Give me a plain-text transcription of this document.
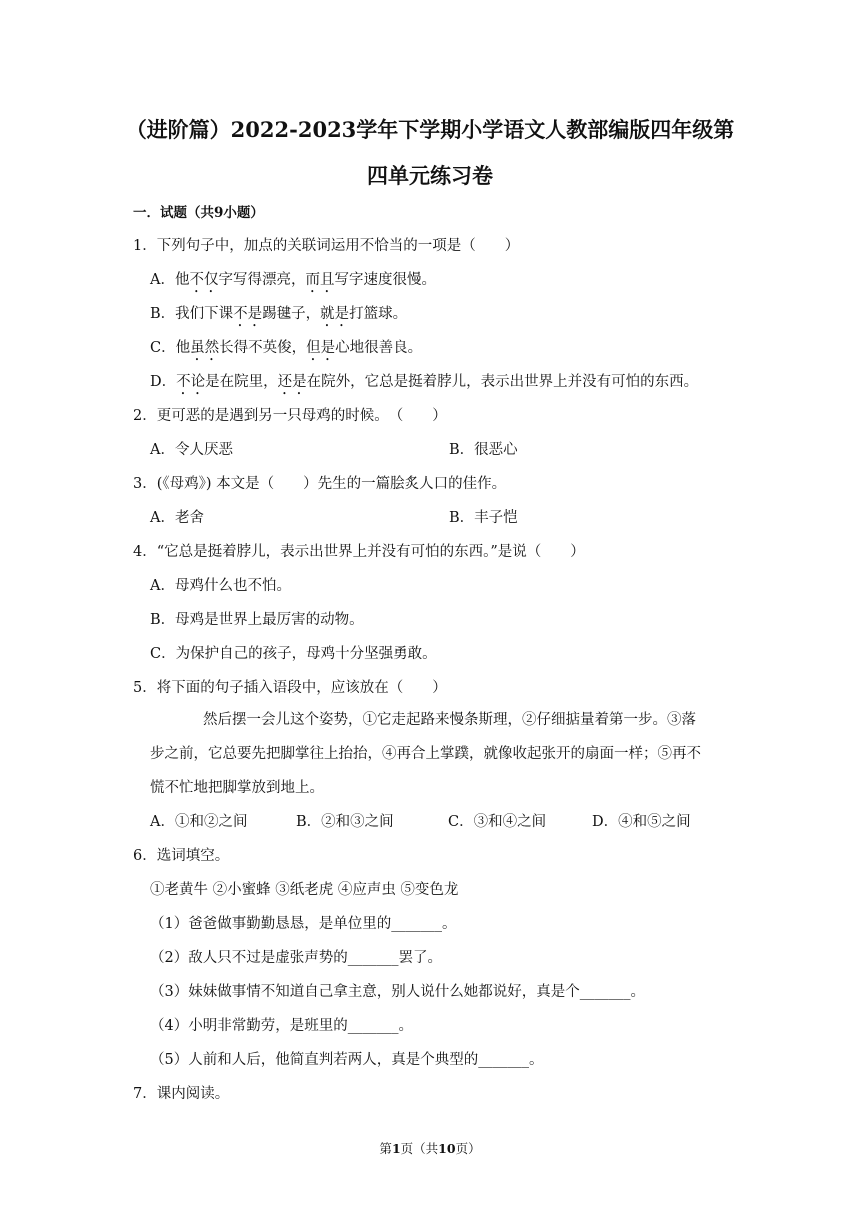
（进阶篇）2022-2023学年下学期小学语文人教部编版四年级第
四单元练习卷
一．试题（共9小题）
1．下列句子中，加点的关联词运用不恰当的一项是（　　）
A．他不仅字写得漂亮，而且写字速度很慢。
B．我们下课不是踢毽子，就是打篮球。
C．他虽然长得不英俊，但是心地很善良。
D．不论是在院里，还是在院外，它总是挺着脖儿，表示出世界上并没有可怕的东西。
2．更可恶的是遇到另一只母鸡的时候。　（　　）
A．令人厌恶	B．很恶心
3．(《母鸡》) 本文是（　　）先生的一篇脍炙人口的佳作。
A．老舍	B．丰子恺
4．“它总是挺着脖儿，表示出世界上并没有可怕的东西。”是说（　　）
A．母鸡什么也不怕。
B．母鸡是世界上最厉害的动物。
C．为保护自己的孩子，母鸡十分坚强勇敢。
5．将下面的句子插入语段中，应该放在（　　）
然后摆一会儿这个姿势，①它走起路来慢条斯理，②仔细掂量着第一步。③落
步之前，它总要先把脚掌往上抬抬，④再合上掌蹼，就像收起张开的扇面一样；⑤再不
慌不忙地把脚掌放到地上。
A．①和②之间	B．②和③之间	C．③和④之间	D．④和⑤之间
6．选词填空。
①老黄牛 ②小蜜蜂 ③纸老虎 ④应声虫 ⑤变色龙
（1）爸爸做事勤勤恳恳，是单位里的_______。
（2）敌人只不过是虚张声势的_______罢了。
（3）妹妹做事情不知道自己拿主意，别人说什么她都说好，真是个_______。
（4）小明非常勤劳，是班里的_______。
（5）人前和人后，他简直判若两人，真是个典型的_______。
7．课内阅读。
第1页（共10页）
